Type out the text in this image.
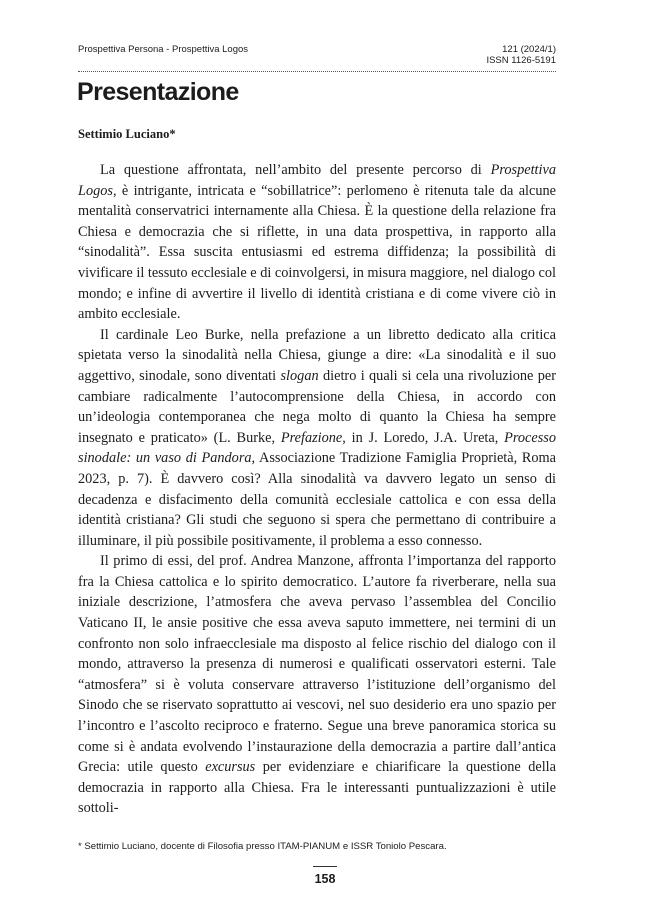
Prospettiva Persona - Prospettiva Logos	121 (2024/1)
ISSN 1126-5191
Presentazione

Settimio Luciano*

La questione affrontata, nell’ambito del presente percorso di Prospettiva Logos, è intrigante, intricata e “sobillatrice”: perlomeno è ritenuta tale da alcune mentalità conservatrici internamente alla Chiesa. È la questione della relazione fra Chiesa e democrazia che si riflette, in una data prospettiva, in rapporto alla “sinodalità”. Essa suscita entusiasmi ed estrema diffidenza; la possibilità di vivificare il tessuto ecclesiale e di coinvolgersi, in misura maggiore, nel dialogo col mondo; e infine di avvertire il livello di identità cristiana e di come vivere ciò in ambito ecclesiale.

Il cardinale Leo Burke, nella prefazione a un libretto dedicato alla critica spietata verso la sinodalità nella Chiesa, giunge a dire: «La sinodalità e il suo aggettivo, sinodale, sono diventati slogan dietro i quali si cela una rivoluzione per cambiare radicalmente l’autocomprensione della Chiesa, in accordo con un’ideologia contemporanea che nega molto di quanto la Chiesa ha sempre insegnato e praticato» (L. Burke, Prefazione, in J. Loredo, J.A. Ureta, Processo sinodale: un vaso di Pandora, Associazione Tradizione Famiglia Proprietà, Roma 2023, p. 7). È davvero così? Alla sinodalità va davvero legato un senso di decadenza e disfacimento della comunità ecclesiale cattolica e con essa della identità cristiana? Gli studi che seguono si spera che permettano di contribuire a illuminare, il più possibile positivamente, il problema a esso connesso.

Il primo di essi, del prof. Andrea Manzone, affronta l’importanza del rapporto fra la Chiesa cattolica e lo spirito democratico. L’autore fa riverberare, nella sua iniziale descrizione, l’atmosfera che aveva pervaso l’assemblea del Concilio Vaticano II, le ansie positive che essa aveva saputo immettere, nei termini di un confronto non solo infraecclesiale ma disposto al felice rischio del dialogo con il mondo, attraverso la presenza di numerosi e qualificati osservatori esterni. Tale “atmosfera” si è voluta conservare attraverso l’istituzione dell’organismo del Sinodo che se riservato soprattutto ai vescovi, nel suo desiderio era uno spazio per l’incontro e l’ascolto reciproco e fraterno. Segue una breve panoramica storica su come si è andata evolvendo l’instaurazione della democrazia a partire dall’antica Grecia: utile questo excursus per evidenziare e chiarificare la questione della democrazia in rapporto alla Chiesa. Fra le interessanti puntualizzazioni è utile sottoli-

* Settimio Luciano, docente di Filosofia presso ITAM-PIANUM e ISSR Toniolo Pescara.
158
